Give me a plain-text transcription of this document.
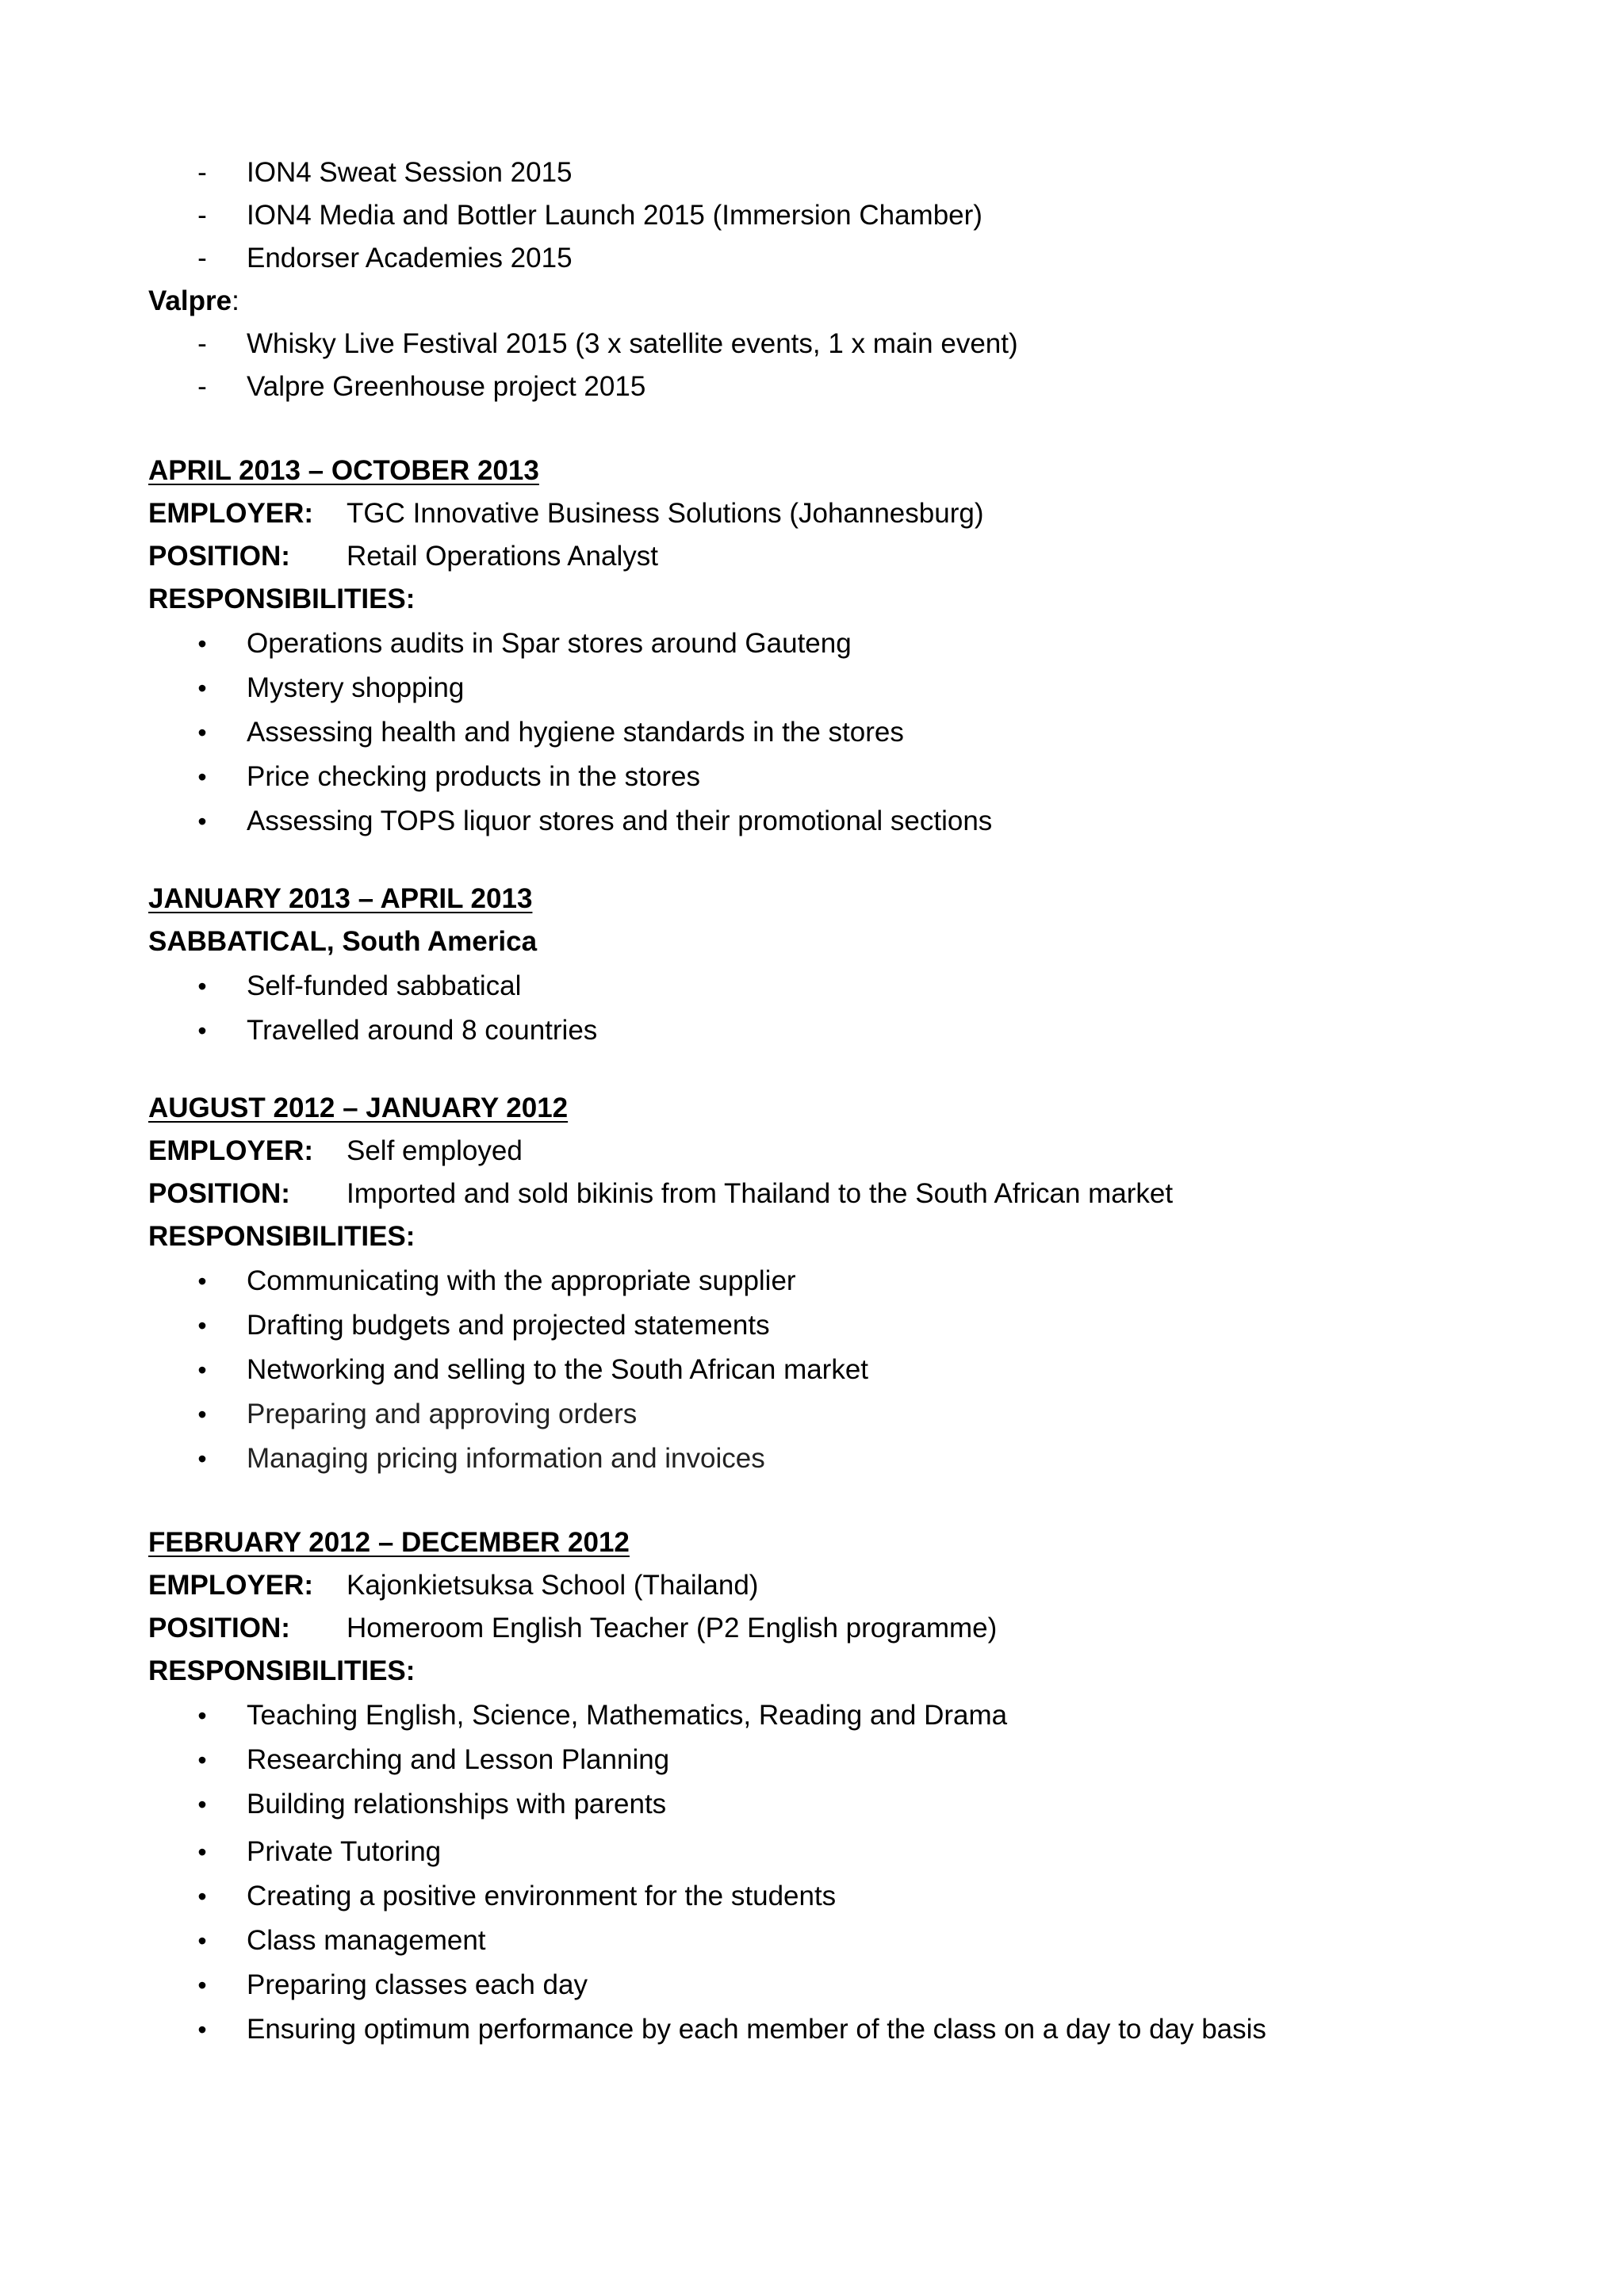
- ION4 Sweat Session 2015
- ION4 Media and Bottler Launch 2015 (Immersion Chamber)
- Endorser Academies 2015
Valpre:
- Whisky Live Festival 2015 (3 x satellite events, 1 x main event)
- Valpre Greenhouse project 2015
APRIL 2013 – OCTOBER 2013
EMPLOYER: TGC Innovative Business Solutions (Johannesburg)
POSITION: Retail Operations Analyst
RESPONSIBILITIES:
• Operations audits in Spar stores around Gauteng
• Mystery shopping
• Assessing health and hygiene standards in the stores
• Price checking products in the stores
• Assessing TOPS liquor stores and their promotional sections
JANUARY 2013 – APRIL 2013
SABBATICAL, South America
• Self-funded sabbatical
• Travelled around 8 countries
AUGUST 2012 – JANUARY 2012
EMPLOYER: Self employed
POSITION: Imported and sold bikinis from Thailand to the South African market
RESPONSIBILITIES:
• Communicating with the appropriate supplier
• Drafting budgets and projected statements
• Networking and selling to the South African market
• Preparing and approving orders
• Managing pricing information and invoices
FEBRUARY 2012 – DECEMBER 2012
EMPLOYER: Kajonkietsuksa School (Thailand)
POSITION: Homeroom English Teacher (P2 English programme)
RESPONSIBILITIES:
• Teaching English, Science, Mathematics, Reading and Drama
• Researching and Lesson Planning
• Building relationships with parents
• Private Tutoring
• Creating a positive environment for the students
• Class management
• Preparing classes each day
• Ensuring optimum performance by each member of the class on a day to day basis
